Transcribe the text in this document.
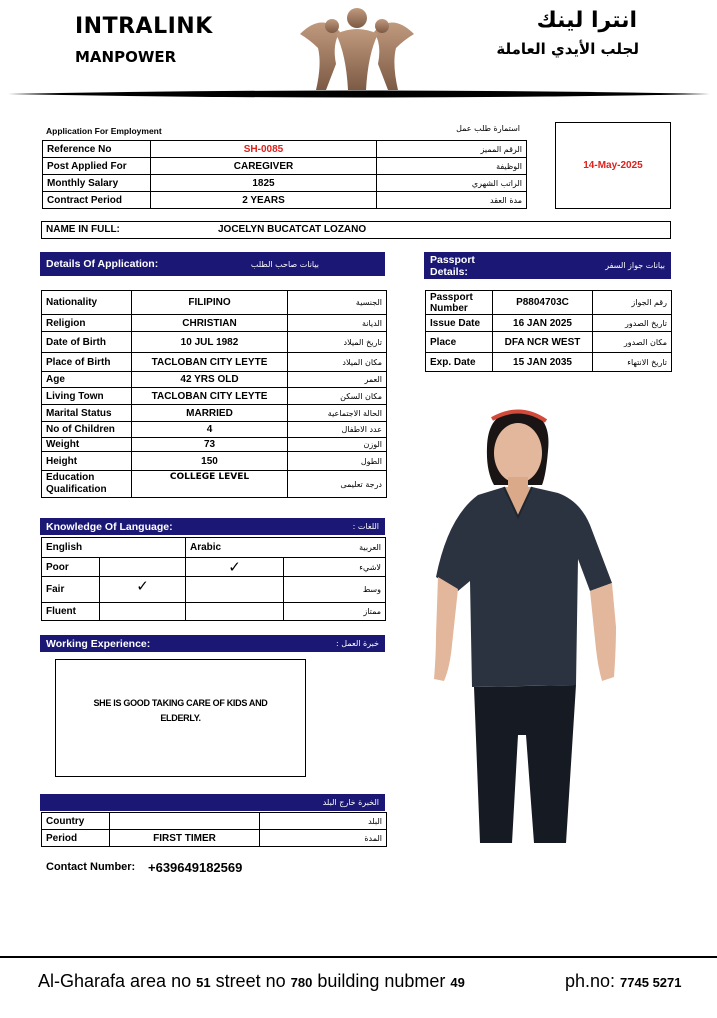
INTRALINK
MANPOWER
انترا لينك
لجلب الأيدي العاملة
Application For Employment	استمارة طلب عمل
Reference No	SH-0085	الرقم المميز
Post Applied For	CAREGIVER	الوظيفة
Monthly Salary	1825	الراتب الشهري
Contract Period	2 YEARS	مدة العقد
14-May-2025
NAME IN FULL:	JOCELYN BUCATCAT LOZANO
Details Of Application:	بيانات صاحب الطلب
Nationality	FILIPINO	الجنسية
Religion	CHRISTIAN	الديانة
Date of Birth	10 JUL 1982	تاريخ الميلاد
Place of Birth	TACLOBAN CITY LEYTE	مكان الميلاد
Age	42 YRS OLD	العمر
Living Town	TACLOBAN CITY LEYTE	مكان السكن
Marital Status	MARRIED	الحالة الاجتماعية
No of Children	4	عدد الاطفال
Weight	73	الوزن
Height	150	الطول
Education Qualification	COLLEGE LEVEL	درجة تعليمى
Passport Details:	بيانات جواز السفر
Passport Number	P8804703C	رقم الجواز
Issue Date	16 JAN 2025	تاريخ الصدور
Place	DFA NCR WEST	مكان الصدور
Exp. Date	15 JAN 2035	تاريخ الانتهاء
Knowledge Of Language:	اللغات :
English		Arabic	العربية
Poor		✓	لاشيء
Fair	✓		وسط
Fluent			ممتاز
Working Experience:	خبرة العمل :
SHE IS GOOD TAKING CARE OF KIDS AND ELDERLY.
الخبرة خارج البلد
Country		البلد
Period	FIRST TIMER	المدة
Contact Number: +639649182569
Al-Gharafa area no 51 street no 780 building nubmer 49	ph.no: 7745 5271
